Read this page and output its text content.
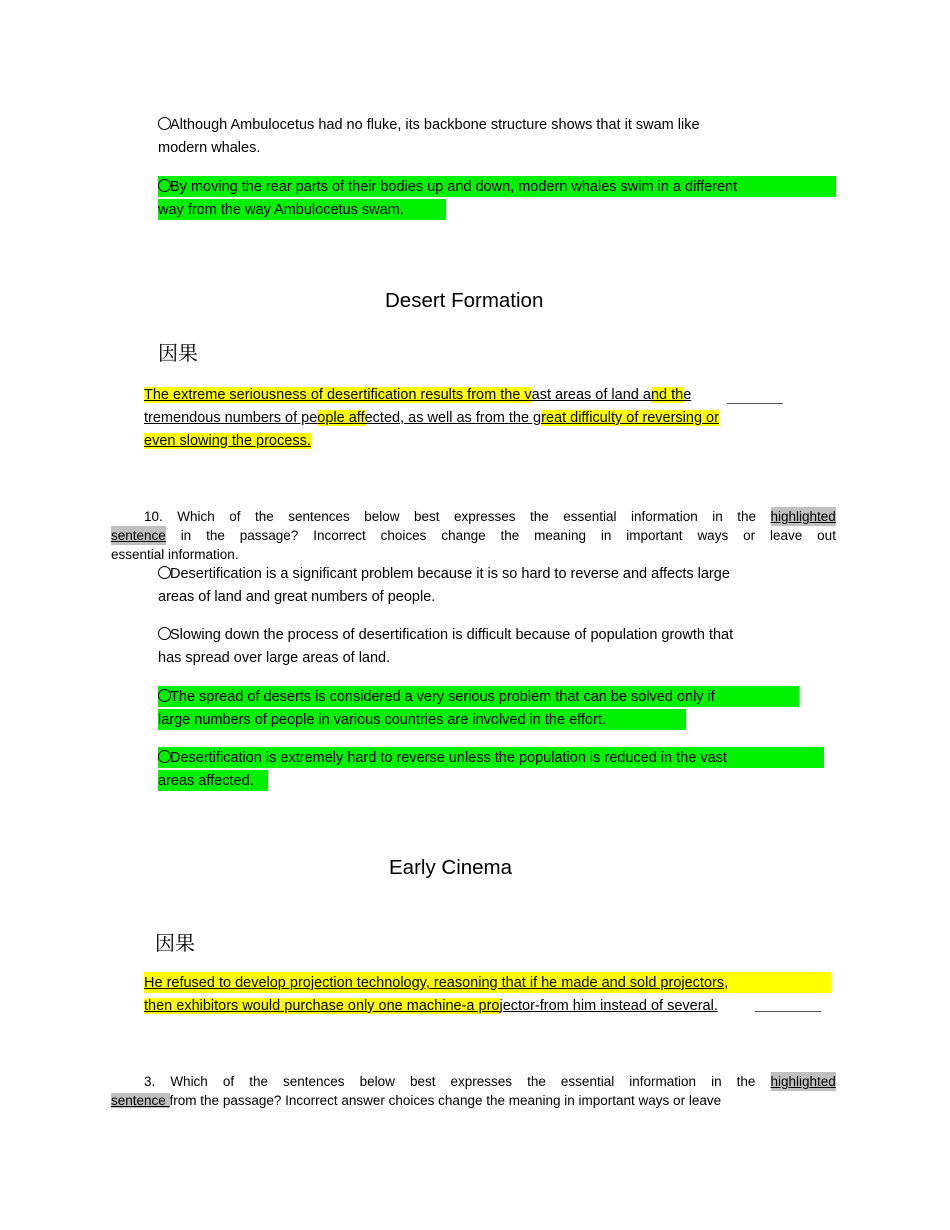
Although Ambulocetus had no fluke, its backbone structure shows that it swam like
modern whales.
By moving the rear parts of their bodies up and down, modern whales swim in a different
way from the way Ambulocetus swam.
Desert Formation
因果
The extreme seriousness of desertification results from the vast areas of land and the
tremendous numbers of people affected, as well as from the great difficulty of reversing or
even slowing the process.
10. Which of the sentences below best expresses the essential information in the highlighted
sentence in the passage? Incorrect choices change the meaning in important ways or leave out
essential information.
Desertification is a significant problem because it is so hard to reverse and affects large
areas of land and great numbers of people.
Slowing down the process of desertification is difficult because of population growth that
has spread over large areas of land.
The spread of deserts is considered a very serious problem that can be solved only if
large numbers of people in various countries are involved in the effort.
Desertification is extremely hard to reverse unless the population is reduced in the vast
areas affected.
Early Cinema
因果
He refused to develop projection technology, reasoning that if he made and sold projectors,
then exhibitors would purchase only one machine-a projector-from him instead of several.
3. Which of the sentences below best expresses the essential information in the highlighted
sentence from the passage? Incorrect answer choices change the meaning in important ways or leave
